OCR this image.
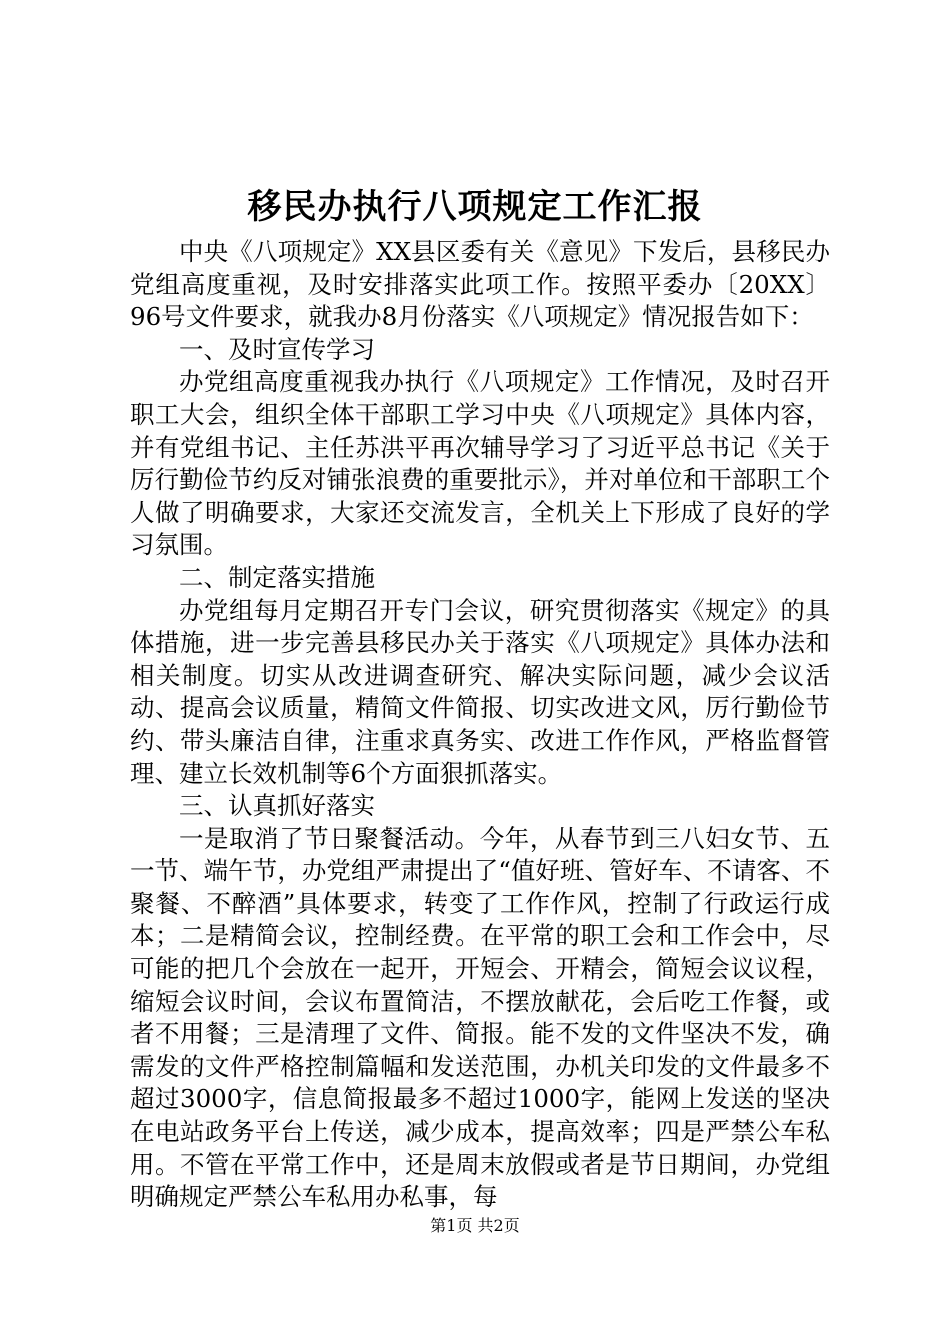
移民办执行八项规定工作汇报

中央《八项规定》XX县区委有关《意见》下发后，县移民办党组高度重视，及时安排落实此项工作。按照平委办〔20XX〕96号文件要求，就我办8月份落实《八项规定》情况报告如下：

一、及时宣传学习

办党组高度重视我办执行《八项规定》工作情况，及时召开职工大会，组织全体干部职工学习中央《八项规定》具体内容，并有党组书记、主任苏洪平再次辅导学习了习近平总书记《关于厉行勤俭节约反对铺张浪费的重要批示》，并对单位和干部职工个人做了明确要求，大家还交流发言，全机关上下形成了良好的学习氛围。

二、制定落实措施

办党组每月定期召开专门会议，研究贯彻落实《规定》的具体措施，进一步完善县移民办关于落实《八项规定》具体办法和相关制度。切实从改进调查研究、解决实际问题，减少会议活动、提高会议质量，精简文件简报、切实改进文风，厉行勤俭节约、带头廉洁自律，注重求真务实、改进工作作风，严格监督管理、建立长效机制等6个方面狠抓落实。

三、认真抓好落实

一是取消了节日聚餐活动。今年，从春节到三八妇女节、五一节、端午节，办党组严肃提出了“值好班、管好车、不请客、不聚餐、不醉酒”具体要求，转变了工作作风，控制了行政运行成本；二是精简会议，控制经费。在平常的职工会和工作会中，尽可能的把几个会放在一起开，开短会、开精会，简短会议议程，缩短会议时间，会议布置简洁，不摆放献花，会后吃工作餐，或者不用餐；三是清理了文件、简报。能不发的文件坚决不发，确需发的文件严格控制篇幅和发送范围，办机关印发的文件最多不超过3000字，信息简报最多不超过1000字，能网上发送的坚决在电站政务平台上传送，减少成本，提高效率；四是严禁公车私用。不管在平常工作中，还是周末放假或者是节日期间，办党组明确规定严禁公车私用办私事，每

第1页 共2页
